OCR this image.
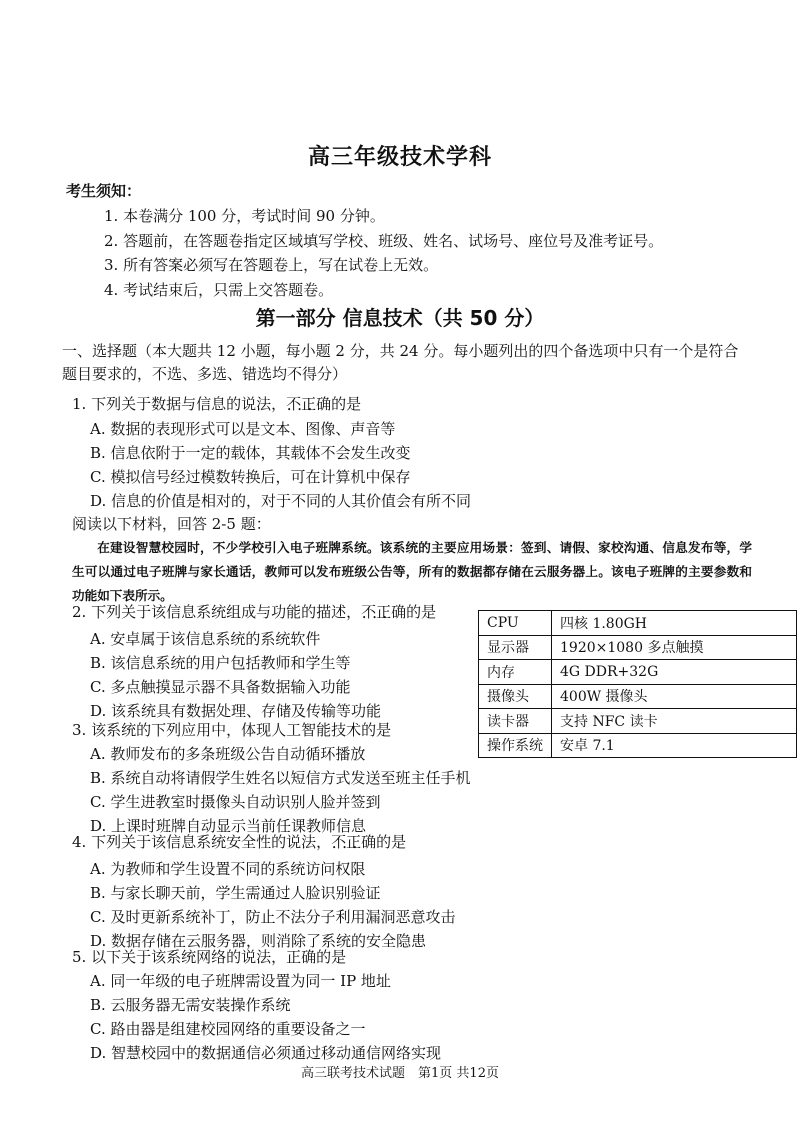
高三年级技术学科
考生须知：
1. 本卷满分 100 分，考试时间 90 分钟。
2. 答题前，在答题卷指定区域填写学校、班级、姓名、试场号、座位号及准考证号。
3. 所有答案必须写在答题卷上，写在试卷上无效。
4. 考试结束后，只需上交答题卷。
第一部分 信息技术（共 50 分）
一、选择题（本大题共 12 小题，每小题 2 分，共 24 分。每小题列出的四个备选项中只有一个是符合题目要求的，不选、多选、错选均不得分）
1. 下列关于数据与信息的说法，不正确 • • •的是
A. 数据的表现形式可以是文本、图像、声音等
B. 信息依附于一定的载体，其载体不会发生改变
C. 模拟信号经过模数转换后，可在计算机中保存
D. 信息的价值是相对的，对于不同的人其价值会有所不同
阅读以下材料，回答 2-5 题：
在建设智慧校园时，不少学校引入电子班牌系统。该系统的主要应用场景：签到、请假、家校沟通、信息发布等，学生可以通过电子班牌与家长通话，教师可以发布班级公告等，所有的数据都存储在云服务器上。该电子班牌的主要参数和功能如下表所示。
CPU	四核 1.80GH
显示器	1920×1080 多点触摸
内存	4G DDR+32G
摄像头	400W 摄像头
读卡器	支持 NFC 读卡
操作系统	安卓 7.1
2. 下列关于该信息系统组成与功能的描述，不正确 • • •的是
A. 安卓属于该信息系统的系统软件
B. 该信息系统的用户包括教师和学生等
C. 多点触摸显示器不具备数据输入功能
D. 该系统具有数据处理、存储及传输等功能
3. 该系统的下列应用中，体现人工智能技术的是
A. 教师发布的多条班级公告自动循环播放
B. 系统自动将请假学生姓名以短信方式发送至班主任手机
C. 学生进教室时摄像头自动识别人脸并签到
D. 上课时班牌自动显示当前任课教师信息
4. 下列关于该信息系统安全性的说法，不正确 • • •的是
A. 为教师和学生设置不同的系统访问权限
B. 与家长聊天前，学生需通过人脸识别验证
C. 及时更新系统补丁，防止不法分子利用漏洞恶意攻击
D. 数据存储在云服务器，则消除了系统的安全隐患
5. 以下关于该系统网络的说法，正确的是
A. 同一年级的电子班牌需设置为同一 IP 地址
B. 云服务器无需安装操作系统
C. 路由器是组建校园网络的重要设备之一
D. 智慧校园中的数据通信必须通过移动通信网络实现
高三联考技术试题　第1页 共12页
